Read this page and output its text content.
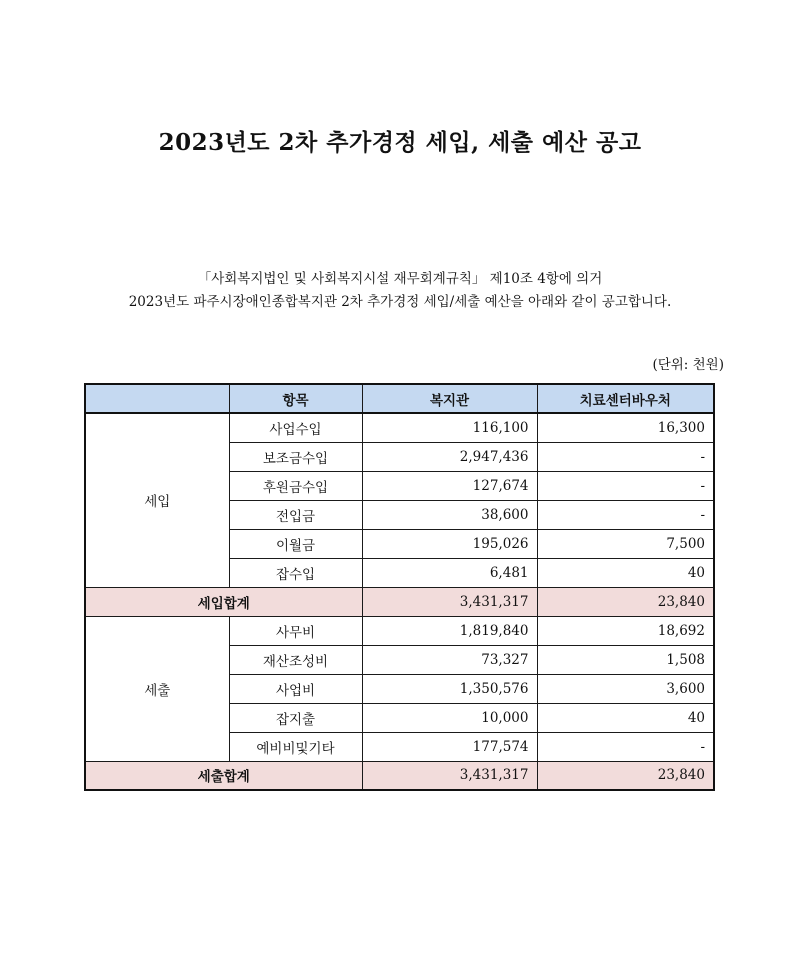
2023년도 2차 추가경정 세입, 세출 예산 공고
「사회복지법인 및 사회복지시설 재무회계규칙」 제10조 4항에 의거
2023년도 파주시장애인종합복지관 2차 추가경정 세입/세출 예산을 아래와 같이 공고합니다.
(단위: 천원)
	항목	복지관	치료센터바우처
세입	사업수입	116,100	16,300
	보조금수입	2,947,436	-
	후원금수입	127,674	-
	전입금	38,600	-
	이월금	195,026	7,500
	잡수입	6,481	40
세입합계		3,431,317	23,840
세출	사무비	1,819,840	18,692
	재산조성비	73,327	1,508
	사업비	1,350,576	3,600
	잡지출	10,000	40
	예비비및기타	177,574	-
세출합계		3,431,317	23,840
